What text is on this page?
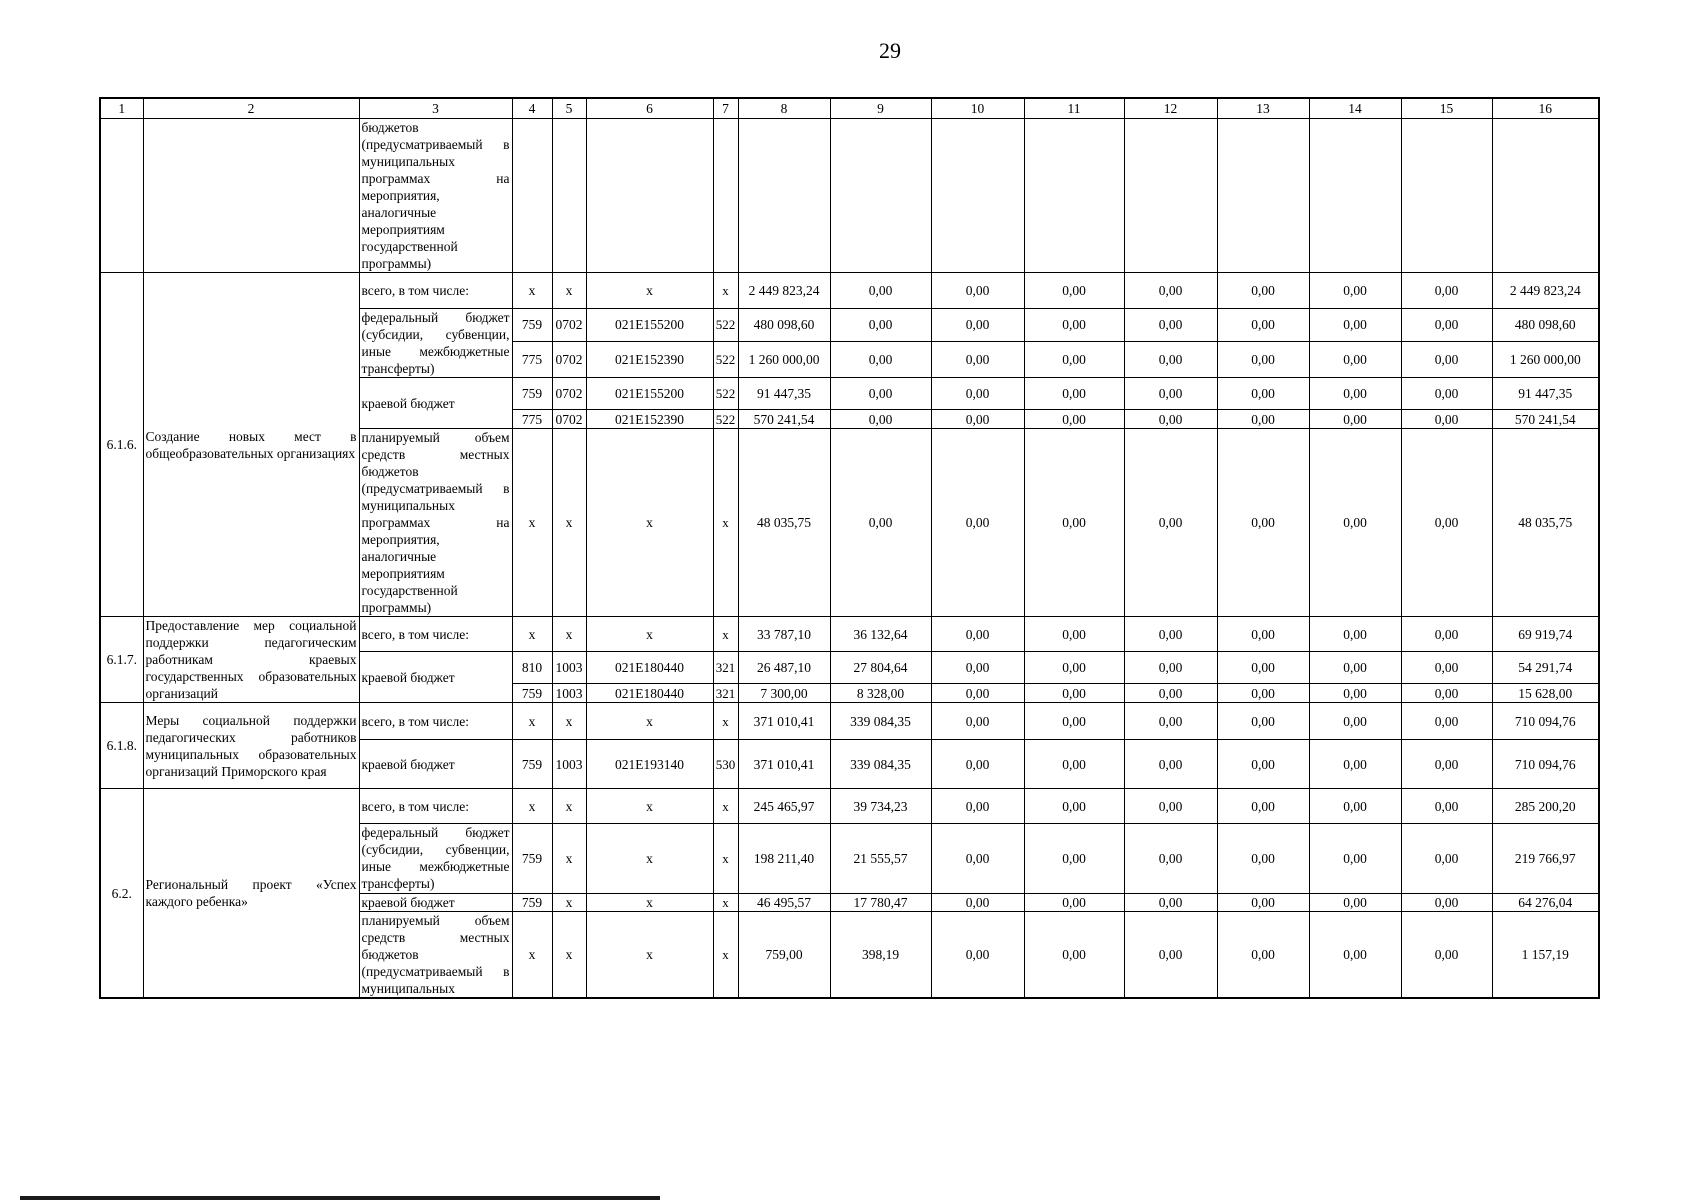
29
1	2	3	4	5	6	7	8	9	10	11	12	13	14	15	16
		бюджетов (предусматриваемый в муниципальных программах на мероприятия, аналогичные мероприятиям государственной программы)													
6.1.6.	Создание новых мест в общеобразовательных организациях	всего, в том числе:	x	x	x	x	2 449 823,24	0,00	0,00	0,00	0,00	0,00	0,00	0,00	2 449 823,24
		федеральный бюджет (субсидии, субвенции, иные межбюджетные трансферты)	759	0702	021E155200	522	480 098,60	0,00	0,00	0,00	0,00	0,00	0,00	0,00	480 098,60
			775	0702	021E152390	522	1 260 000,00	0,00	0,00	0,00	0,00	0,00	0,00	0,00	1 260 000,00
		краевой бюджет	759	0702	021E155200	522	91 447,35	0,00	0,00	0,00	0,00	0,00	0,00	0,00	91 447,35
			775	0702	021E152390	522	570 241,54	0,00	0,00	0,00	0,00	0,00	0,00	0,00	570 241,54
		планируемый объем средств местных бюджетов (предусматриваемый в муниципальных программах на мероприятия, аналогичные мероприятиям государственной программы)	x	x	x	x	48 035,75	0,00	0,00	0,00	0,00	0,00	0,00	0,00	48 035,75
6.1.7.	Предоставление мер социальной поддержки педагогическим работникам краевых государственных образовательных организаций	всего, в том числе:	x	x	x	x	33 787,10	36 132,64	0,00	0,00	0,00	0,00	0,00	0,00	69 919,74
		краевой бюджет	810	1003	021E180440	321	26 487,10	27 804,64	0,00	0,00	0,00	0,00	0,00	0,00	54 291,74
			759	1003	021E180440	321	7 300,00	8 328,00	0,00	0,00	0,00	0,00	0,00	0,00	15 628,00
6.1.8.	Меры социальной поддержки педагогических работников муниципальных образовательных организаций Приморского края	всего, в том числе:	x	x	x	x	371 010,41	339 084,35	0,00	0,00	0,00	0,00	0,00	0,00	710 094,76
		краевой бюджет	759	1003	021E193140	530	371 010,41	339 084,35	0,00	0,00	0,00	0,00	0,00	0,00	710 094,76
6.2.	Региональный проект «Успех каждого ребенка»	всего, в том числе:	x	x	x	x	245 465,97	39 734,23	0,00	0,00	0,00	0,00	0,00	0,00	285 200,20
		федеральный бюджет (субсидии, субвенции, иные межбюджетные трансферты)	759	x	x	x	198 211,40	21 555,57	0,00	0,00	0,00	0,00	0,00	0,00	219 766,97
		краевой бюджет	759	x	x	x	46 495,57	17 780,47	0,00	0,00	0,00	0,00	0,00	0,00	64 276,04
		планируемый объем средств местных бюджетов (предусматриваемый в муниципальных	x	x	x	x	759,00	398,19	0,00	0,00	0,00	0,00	0,00	0,00	1 157,19
